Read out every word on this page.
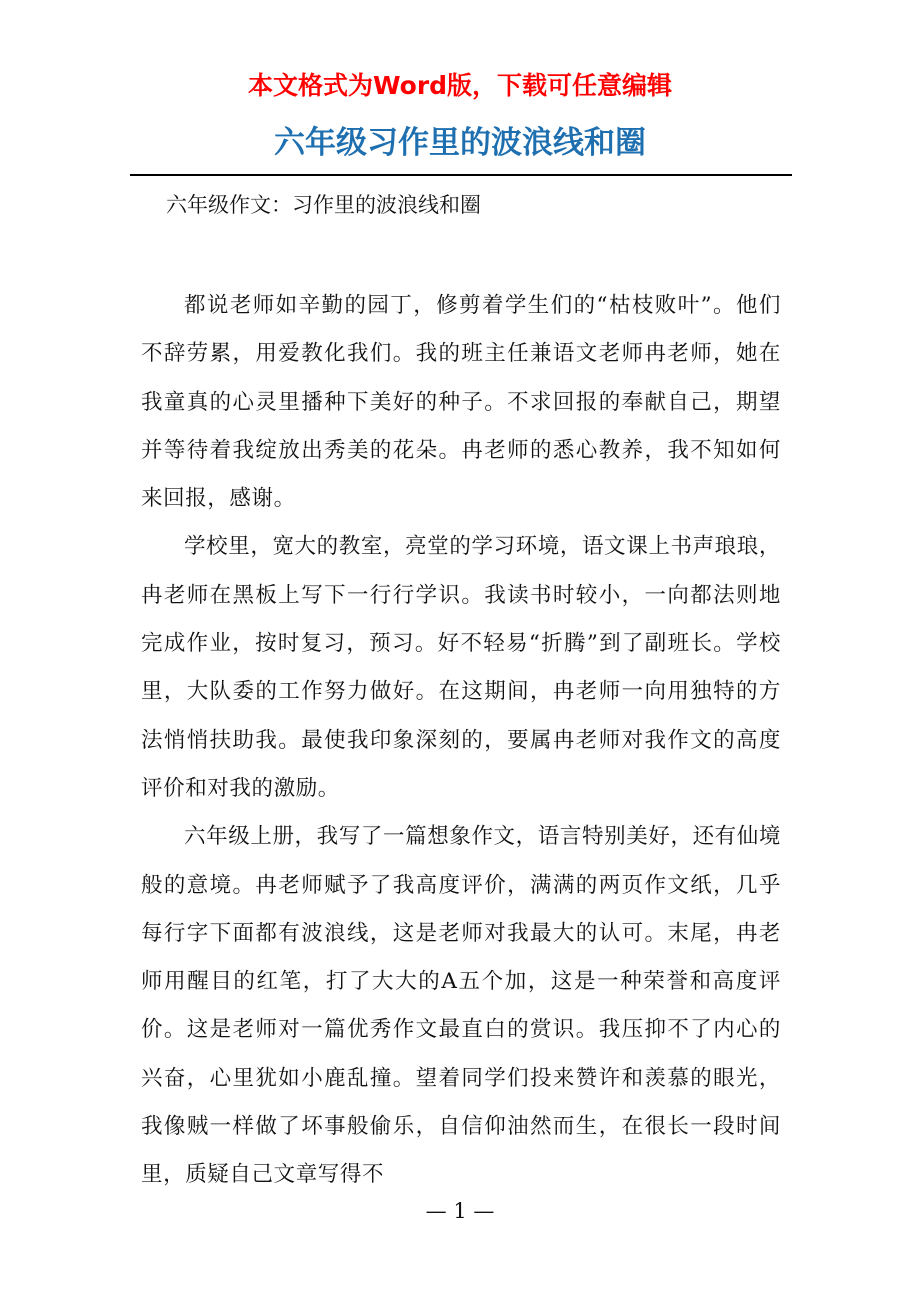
本文格式为Word版，下载可任意编辑
六年级习作里的波浪线和圈
六年级作文：习作里的波浪线和圈

都说老师如辛勤的园丁，修剪着学生们的“枯枝败叶”。他们不辞劳累，用爱教化我们。我的班主任兼语文老师冉老师，她在我童真的心灵里播种下美好的种子。不求回报的奉献自己，期望并等待着我绽放出秀美的花朵。冉老师的悉心教养，我不知如何来回报，感谢。

学校里，宽大的教室，亮堂的学习环境，语文课上书声琅琅，冉老师在黑板上写下一行行学识。我读书时较小，一向都法则地完成作业，按时复习，预习。好不轻易“折腾”到了副班长。学校里，大队委的工作努力做好。在这期间，冉老师一向用独特的方法悄悄扶助我。最使我印象深刻的，要属冉老师对我作文的高度评价和对我的激励。

六年级上册，我写了一篇想象作文，语言特别美好，还有仙境般的意境。冉老师赋予了我高度评价，满满的两页作文纸，几乎每行字下面都有波浪线，这是老师对我最大的认可。末尾，冉老师用醒目的红笔，打了大大的A五个加，这是一种荣誉和高度评价。这是老师对一篇优秀作文最直白的赏识。我压抑不了内心的兴奋，心里犹如小鹿乱撞。望着同学们投来赞许和羡慕的眼光，我像贼一样做了坏事般偷乐，自信仰油然而生，在很长一段时间里，质疑自己文章写得不

— 1 —
